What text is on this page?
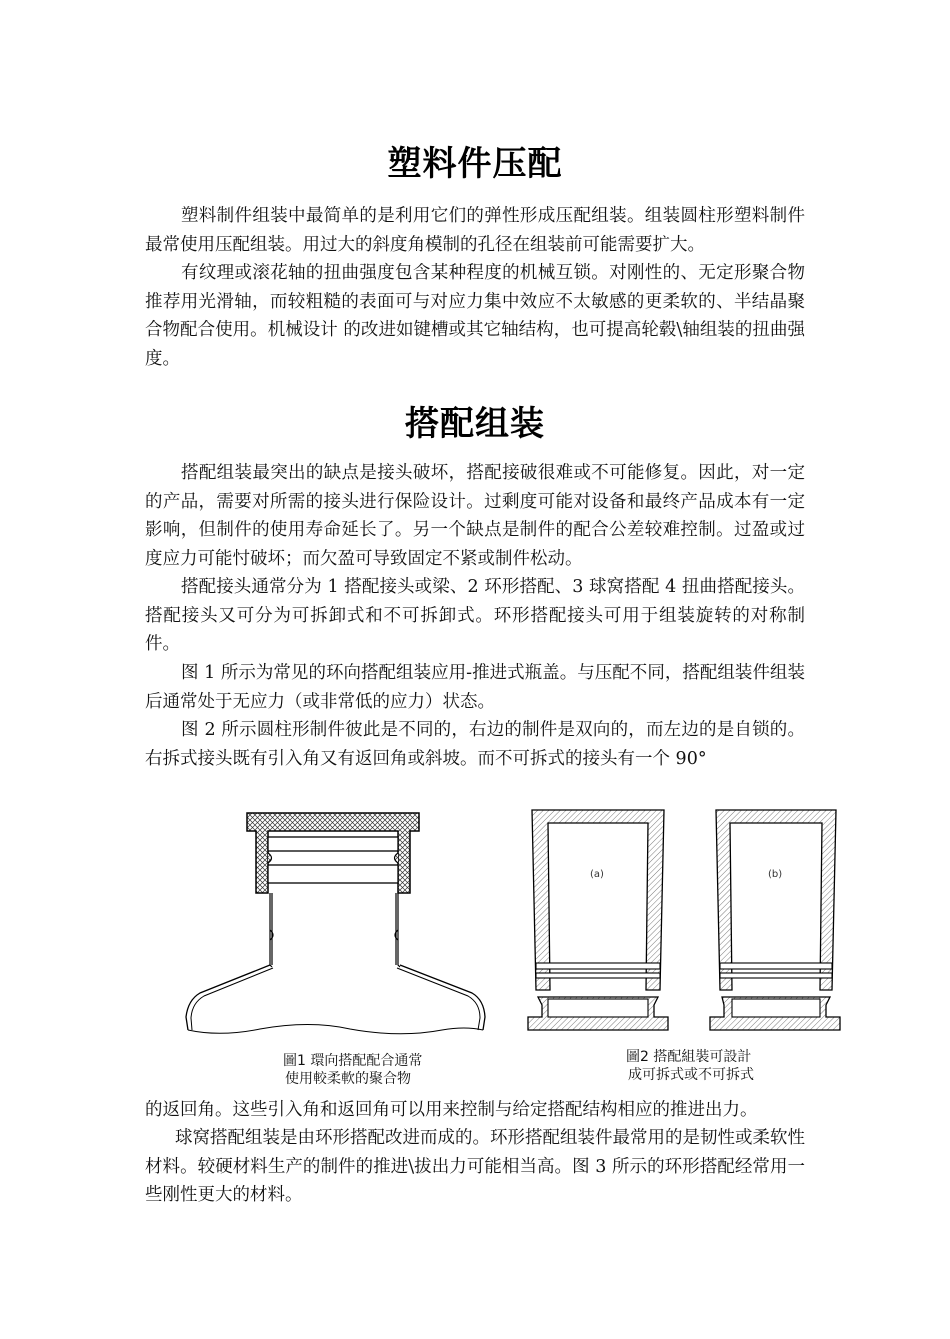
塑料件压配

塑料制件组装中最简单的是利用它们的弹性形成压配组装。组装圆柱形塑料制件最常使用压配组装。用过大的斜度角模制的孔径在组装前可能需要扩大。

有纹理或滚花轴的扭曲强度包含某种程度的机械互锁。对刚性的、无定形聚合物推荐用光滑轴，而较粗糙的表面可与对应力集中效应不太敏感的更柔软的、半结晶聚合物配合使用。机械设计 的改进如键槽或其它轴结构，也可提高轮毂\轴组装的扭曲强度。

搭配组装

搭配组装最突出的缺点是接头破坏，搭配接破很难或不可能修复。因此，对一定的产品，需要对所需的接头进行保险设计。过剩度可能对设备和最终产品成本有一定影响，但制件的使用寿命延长了。另一个缺点是制件的配合公差较难控制。过盈或过度应力可能忖破坏；而欠盈可导致固定不紧或制件松动。

搭配接头通常分为 1 搭配接头或梁、2 环形搭配、3 球窝搭配 4 扭曲搭配接头。搭配接头又可分为可拆卸式和不可拆卸式。环形搭配接头可用于组装旋转的对称制件。

图 1 所示为常见的环向搭配组装应用-推进式瓶盖。与压配不同，搭配组装件组装后通常处于无应力（或非常低的应力）状态。

图 2 所示圆柱形制件彼此是不同的，右边的制件是双向的，而左边的是自锁的。右拆式接头既有引入角又有返回角或斜坡。而不可拆式的接头有一个 90°

圖1 環向搭配配合通常
使用較柔軟的聚合物
(a)	(b)
圖2 搭配組裝可設計
成可拆式或不可拆式

的返回角。这些引入角和返回角可以用来控制与给定搭配结构相应的推进出力。

球窝搭配组装是由环形搭配改进而成的。环形搭配组装件最常用的是韧性或柔软性材料。较硬材料生产的制件的推进\拔出力可能相当高。图 3 所示的环形搭配经常用一些刚性更大的材料。
